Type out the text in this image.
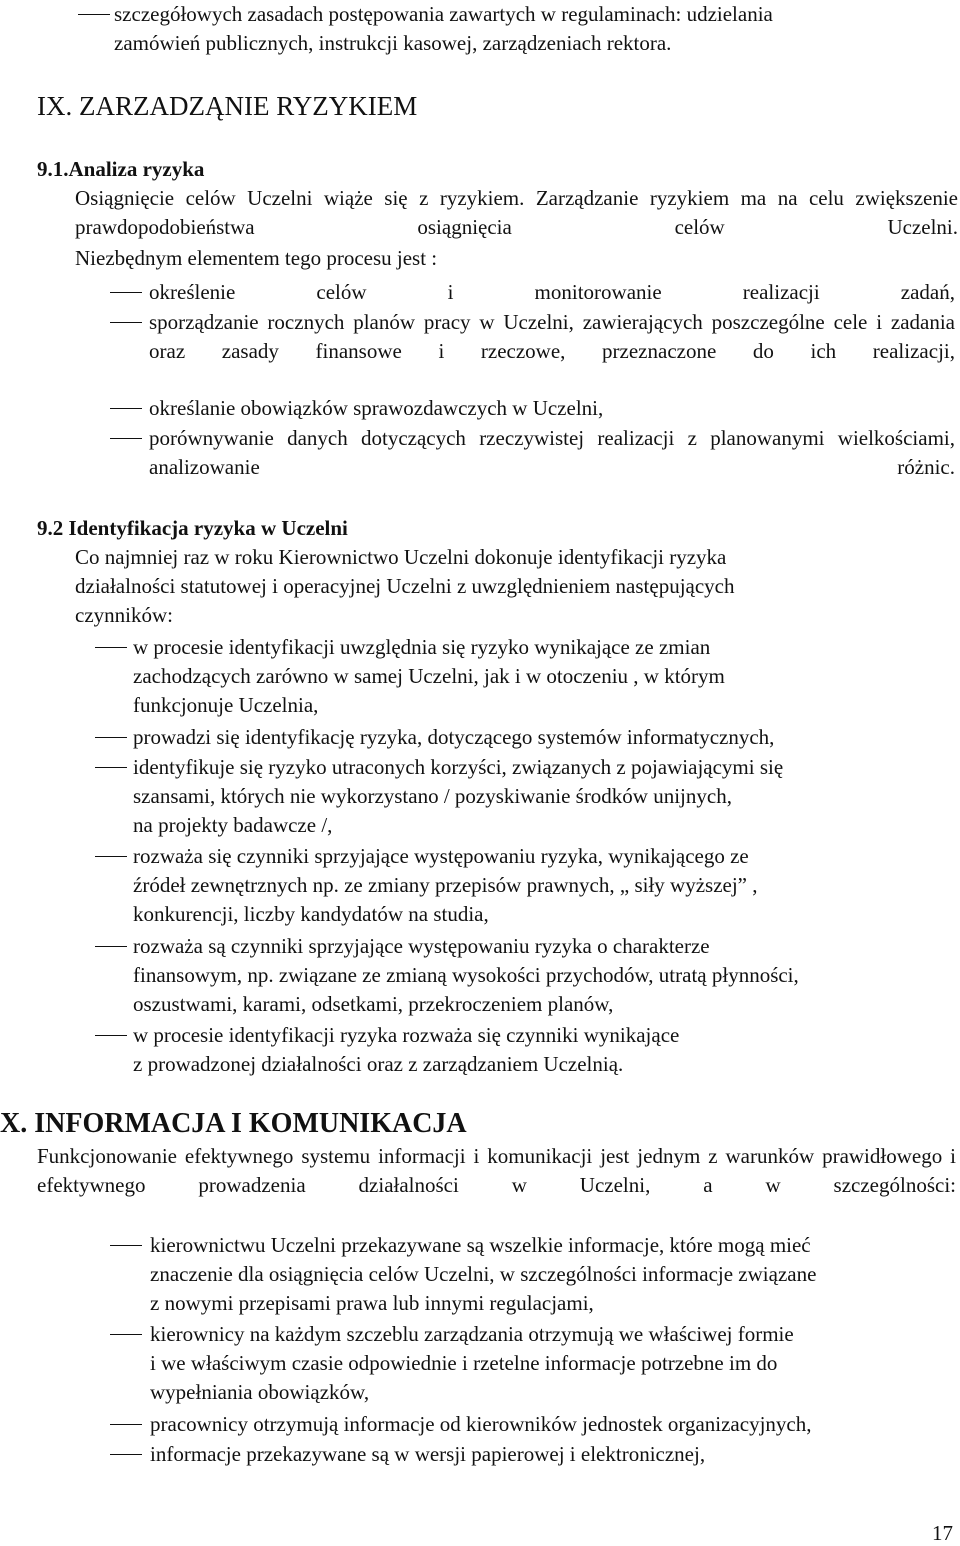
szczegółowych zasadach postępowania zawartych w regulaminach: udzielania
zamówień publicznych, instrukcji kasowej, zarządzeniach rektora.
IX. ZARZADZĄNIE RYZYKIEM
9.1.Analiza ryzyka
Osiągnięcie celów Uczelni wiąże się z ryzykiem. Zarządzanie ryzykiem ma na celu zwiększenie prawdopodobieństwa osiągnięcia celów Uczelni.
Niezbędnym elementem tego procesu jest :
określenie celów i monitorowanie realizacji zadań,
sporządzanie rocznych planów pracy w Uczelni, zawierających poszczególne cele i zadania oraz zasady finansowe i rzeczowe, przeznaczone do ich realizacji,
określanie obowiązków sprawozdawczych w Uczelni,
porównywanie danych dotyczących rzeczywistej realizacji z planowanymi wielkościami, analizowanie różnic.
9.2 Identyfikacja ryzyka w Uczelni
Co najmniej raz w roku Kierownictwo Uczelni dokonuje identyfikacji ryzyka
działalności statutowej i operacyjnej Uczelni z uwzględnieniem następujących
czynników:
w procesie identyfikacji uwzględnia się ryzyko wynikające ze zmian
zachodzących zarówno w samej Uczelni, jak i w otoczeniu , w którym
funkcjonuje Uczelnia,
prowadzi się identyfikację ryzyka, dotyczącego systemów informatycznych,
identyfikuje się ryzyko utraconych korzyści, związanych z pojawiającymi się
szansami, których nie wykorzystano / pozyskiwanie środków unijnych,
na projekty badawcze /,
rozważa się czynniki sprzyjające występowaniu ryzyka, wynikającego ze
źródeł zewnętrznych np. ze zmiany przepisów prawnych, „ siły wyższej” ,
konkurencji, liczby kandydatów na studia,
rozważa są czynniki sprzyjające występowaniu ryzyka o charakterze
finansowym, np. związane ze zmianą wysokości przychodów, utratą płynności,
oszustwami, karami, odsetkami, przekroczeniem planów,
w procesie identyfikacji ryzyka rozważa się czynniki wynikające
z prowadzonej działalności oraz z zarządzaniem Uczelnią.
X. INFORMACJA I KOMUNIKACJA
Funkcjonowanie efektywnego systemu informacji i komunikacji jest jednym z warunków prawidłowego i efektywnego prowadzenia działalności w Uczelni, a w szczególności:
kierownictwu Uczelni przekazywane są wszelkie informacje, które mogą mieć
znaczenie dla osiągnięcia celów Uczelni, w szczególności informacje związane
z nowymi przepisami prawa lub innymi regulacjami,
kierownicy na każdym szczeblu zarządzania otrzymują we właściwej formie
i we właściwym czasie odpowiednie i rzetelne informacje potrzebne im do
wypełniania obowiązków,
pracownicy otrzymują informacje od kierowników jednostek organizacyjnych,
informacje przekazywane są w wersji papierowej i elektronicznej,
17
